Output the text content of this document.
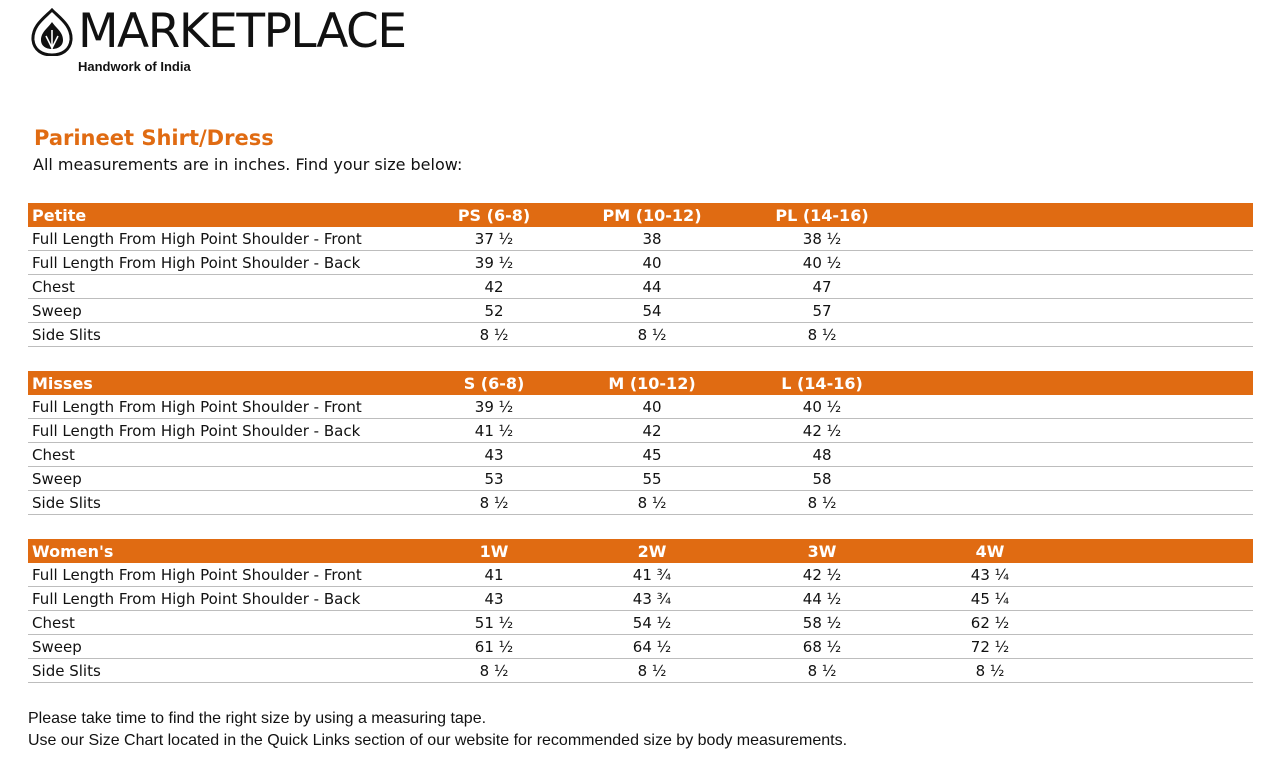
MARKETPLACE
Handwork of India
Parineet Shirt/Dress
All measurements are in inches. Find your size below:
Petite	PS (6-8)	PM (10-12)	PL (14-16)
Full Length From High Point Shoulder - Front	37 ½	38	38 ½
Full Length From High Point Shoulder - Back	39 ½	40	40 ½
Chest	42	44	47
Sweep	52	54	57
Side Slits	8 ½	8 ½	8 ½
Misses	S (6-8)	M (10-12)	L (14-16)
Full Length From High Point Shoulder - Front	39 ½	40	40 ½
Full Length From High Point Shoulder - Back	41 ½	42	42 ½
Chest	43	45	48
Sweep	53	55	58
Side Slits	8 ½	8 ½	8 ½
Women's	1W	2W	3W	4W
Full Length From High Point Shoulder - Front	41	41 ¾	42 ½	43 ¼
Full Length From High Point Shoulder - Back	43	43 ¾	44 ½	45 ¼
Chest	51 ½	54 ½	58 ½	62 ½
Sweep	61 ½	64 ½	68 ½	72 ½
Side Slits	8 ½	8 ½	8 ½	8 ½
Please take time to find the right size by using a measuring tape.
Use our Size Chart located in the Quick Links section of our website for recommended size by body measurements.
